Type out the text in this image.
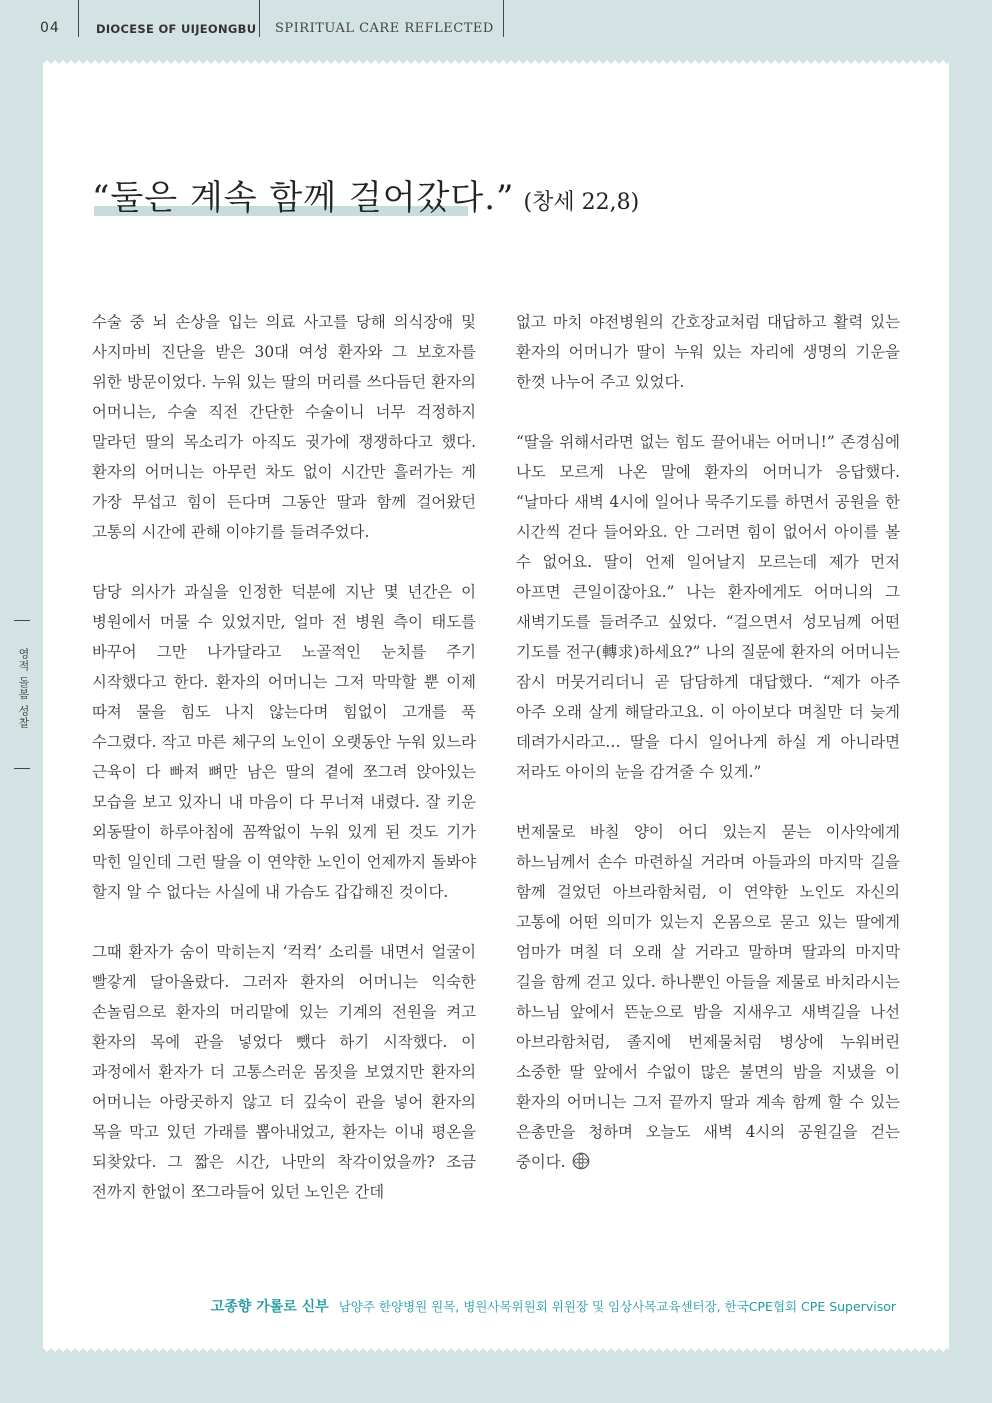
04	DIOCESE OF UIJEONGBU SPIRITUAL CARE REFLECTED
영적 돌봄 성찰
“둘은 계속 함께 걸어갔다.” (창세 22,8)

수술 중 뇌 손상을 입는 의료 사고를 당해 의식장애 및 사지마비 진단을 받은 30대 여성 환자와 그 보호자를 위한 방문이었다. 누워 있는 딸의 머리를 쓰다듬던 환자의 어머니는, 수술 직전 간단한 수술이니 너무 걱정하지 말라던 딸의 목소리가 아직도 귓가에 쟁쟁하다고 했다. 환자의 어머니는 아무런 차도 없이 시간만 흘러가는 게 가장 무섭고 힘이 든다며 그동안 딸과 함께 걸어왔던 고통의 시간에 관해 이야기를 들려주었다.

담당 의사가 과실을 인정한 덕분에 지난 몇 년간은 이 병원에서 머물 수 있었지만, 얼마 전 병원 측이 태도를 바꾸어 그만 나가달라고 노골적인 눈치를 주기 시작했다고 한다. 환자의 어머니는 그저 막막할 뿐 이제 따져 물을 힘도 나지 않는다며 힘없이 고개를 푹 수그렸다. 작고 마른 체구의 노인이 오랫동안 누워 있느라 근육이 다 빠져 뼈만 남은 딸의 곁에 쪼그려 앉아있는 모습을 보고 있자니 내 마음이 다 무너져 내렸다. 잘 키운 외동딸이 하루아침에 꼼짝없이 누워 있게 된 것도 기가 막힌 일인데 그런 딸을 이 연약한 노인이 언제까지 돌봐야 할지 알 수 없다는 사실에 내 가슴도 갑갑해진 것이다.

그때 환자가 숨이 막히는지 ‘컥컥’ 소리를 내면서 얼굴이 빨갛게 달아올랐다. 그러자 환자의 어머니는 익숙한 손놀림으로 환자의 머리맡에 있는 기계의 전원을 켜고 환자의 목에 관을 넣었다 뺐다 하기 시작했다. 이 과정에서 환자가 더 고통스러운 몸짓을 보였지만 환자의 어머니는 아랑곳하지 않고 더 깊숙이 관을 넣어 환자의 목을 막고 있던 가래를 뽑아내었고, 환자는 이내 평온을 되찾았다. 그 짧은 시간, 나만의 착각이었을까? 조금 전까지 한없이 쪼그라들어 있던 노인은 간데

없고 마치 야전병원의 간호장교처럼 대답하고 활력 있는 환자의 어머니가 딸이 누워 있는 자리에 생명의 기운을 한껏 나누어 주고 있었다.

“딸을 위해서라면 없는 힘도 끌어내는 어머니!” 존경심에 나도 모르게 나온 말에 환자의 어머니가 응답했다. “날마다 새벽 4시에 일어나 묵주기도를 하면서 공원을 한 시간씩 걷다 들어와요. 안 그러면 힘이 없어서 아이를 볼 수 없어요. 딸이 언제 일어날지 모르는데 제가 먼저 아프면 큰일이잖아요.” 나는 환자에게도 어머니의 그 새벽기도를 들려주고 싶었다. “걸으면서 성모님께 어떤 기도를 전구(轉求)하세요?” 나의 질문에 환자의 어머니는 잠시 머뭇거리더니 곧 담담하게 대답했다. “제가 아주 아주 오래 살게 해달라고요. 이 아이보다 며칠만 더 늦게 데려가시라고… 딸을 다시 일어나게 하실 게 아니라면 저라도 아이의 눈을 감겨줄 수 있게.”

번제물로 바칠 양이 어디 있는지 묻는 이사악에게 하느님께서 손수 마련하실 거라며 아들과의 마지막 길을 함께 걸었던 아브라함처럼, 이 연약한 노인도 자신의 고통에 어떤 의미가 있는지 온몸으로 묻고 있는 딸에게 엄마가 며칠 더 오래 살 거라고 말하며 딸과의 마지막 길을 함께 걷고 있다. 하나뿐인 아들을 제물로 바치라시는 하느님 앞에서 뜬눈으로 밤을 지새우고 새벽길을 나선 아브라함처럼, 졸지에 번제물처럼 병상에 누워버린 소중한 딸 앞에서 수없이 많은 불면의 밤을 지냈을 이 환자의 어머니는 그저 끝까지 딸과 계속 함께 할 수 있는 은총만을 청하며 오늘도 새벽 4시의 공원길을 걷는 중이다.

고종향 가롤로 신부 남양주 한양병원 원목, 병원사목위원회 위원장 및 임상사목교육센터장, 한국CPE협회 CPE Supervisor
